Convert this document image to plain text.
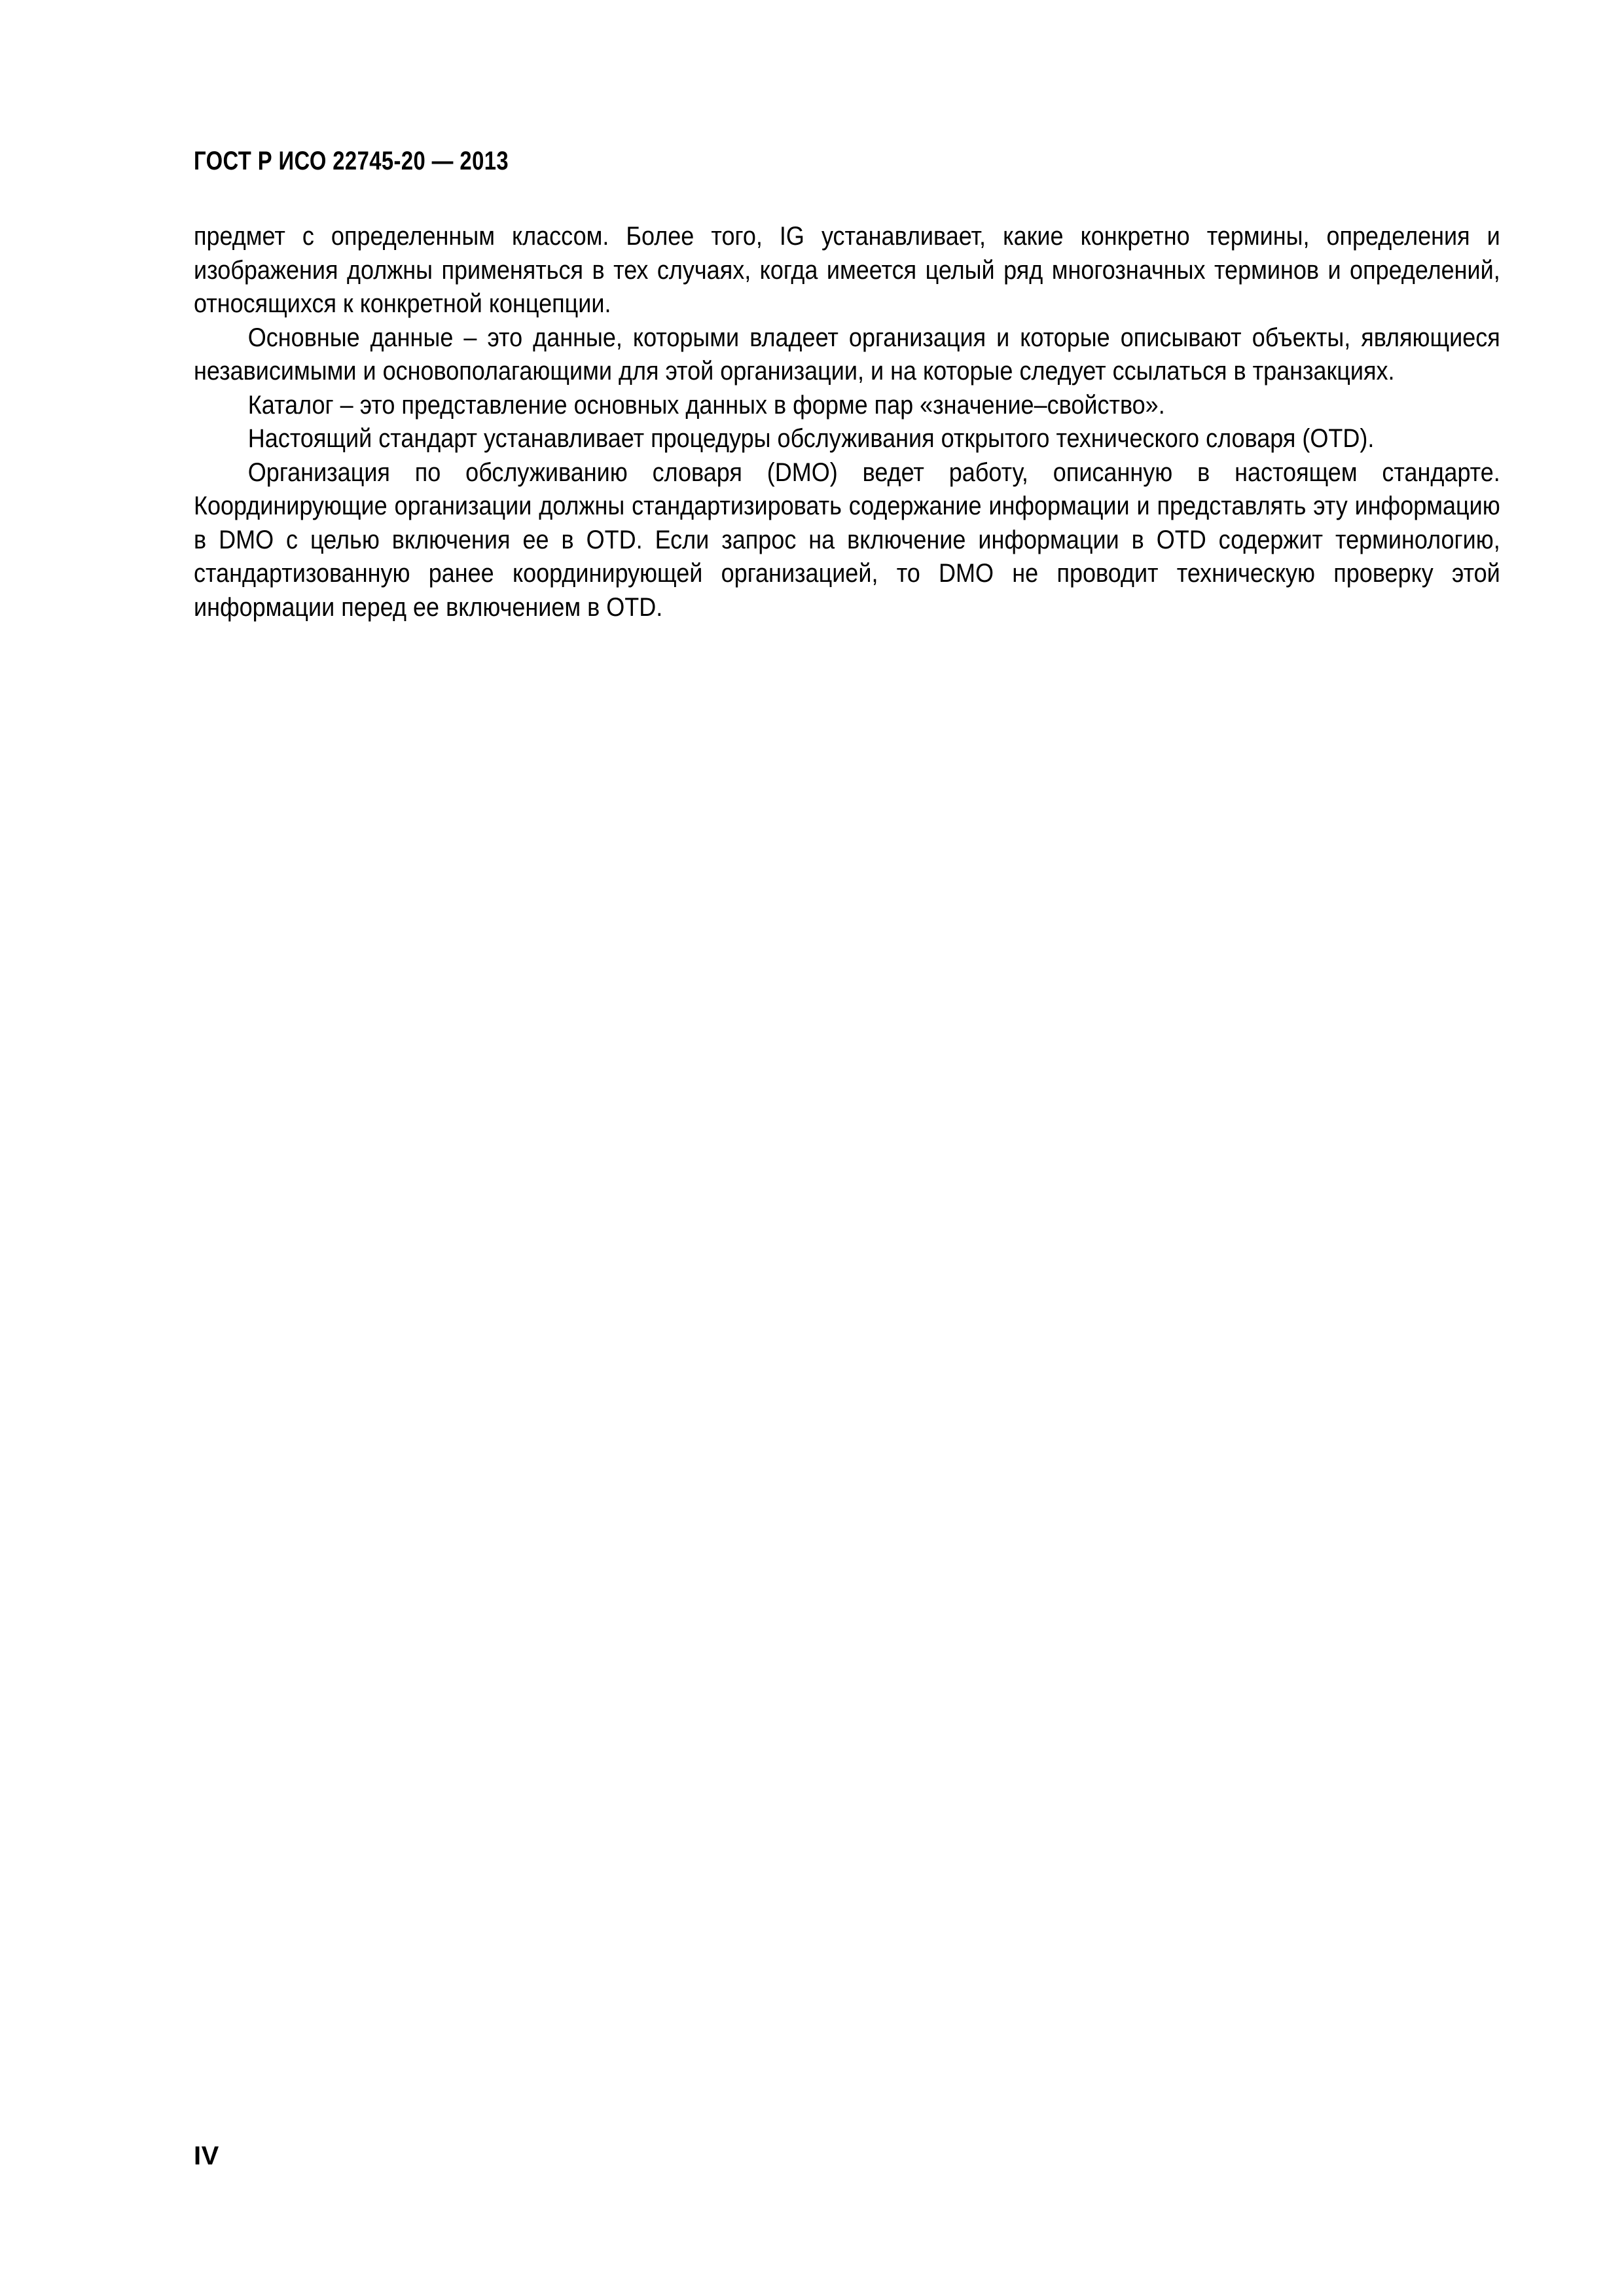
ГОСТ Р ИСО 22745-20 — 2013

предмет с определенным классом. Более того, IG устанавливает, какие конкретно термины, определения и изображения должны применяться в тех случаях, когда имеется целый ряд многозначных терминов и определений, относящихся к конкретной концепции.

Основные данные – это данные, которыми владеет организация и которые описывают объекты, являющиеся независимыми и основополагающими для этой организации, и на которые следует ссылаться в транзакциях.

Каталог – это представление основных данных в форме пар «значение–свойство».

Настоящий стандарт устанавливает процедуры обслуживания открытого технического словаря (OTD).

Организация по обслуживанию словаря (DMO) ведет работу, описанную в настоящем стандарте. Координирующие организации должны стандартизировать содержание информации и представлять эту информацию в DMO с целью включения ее в OTD. Если запрос на включение информации в OTD содержит терминологию, стандартизованную ранее координирующей организацией, то DMO не проводит техническую проверку этой информации перед ее включением в OTD.

IV
